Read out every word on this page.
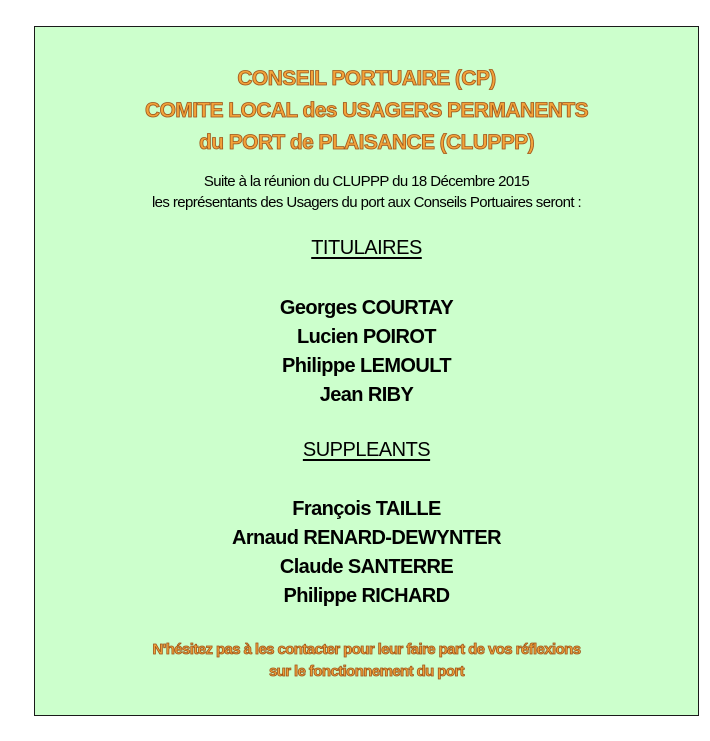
CONSEIL PORTUAIRE (CP)
COMITE LOCAL des USAGERS PERMANENTS
du PORT de PLAISANCE (CLUPPP)
Suite à la réunion du CLUPPP du 18 Décembre 2015
les représentants des Usagers du port aux Conseils Portuaires seront :
TITULAIRES
Georges COURTAY
Lucien POIROT
Philippe LEMOULT
Jean RIBY
SUPPLEANTS
François TAILLE
Arnaud RENARD-DEWYNTER
Claude SANTERRE
Philippe RICHARD
N'hésitez pas à les contacter pour leur faire part de vos réflexions
sur le fonctionnement du port
